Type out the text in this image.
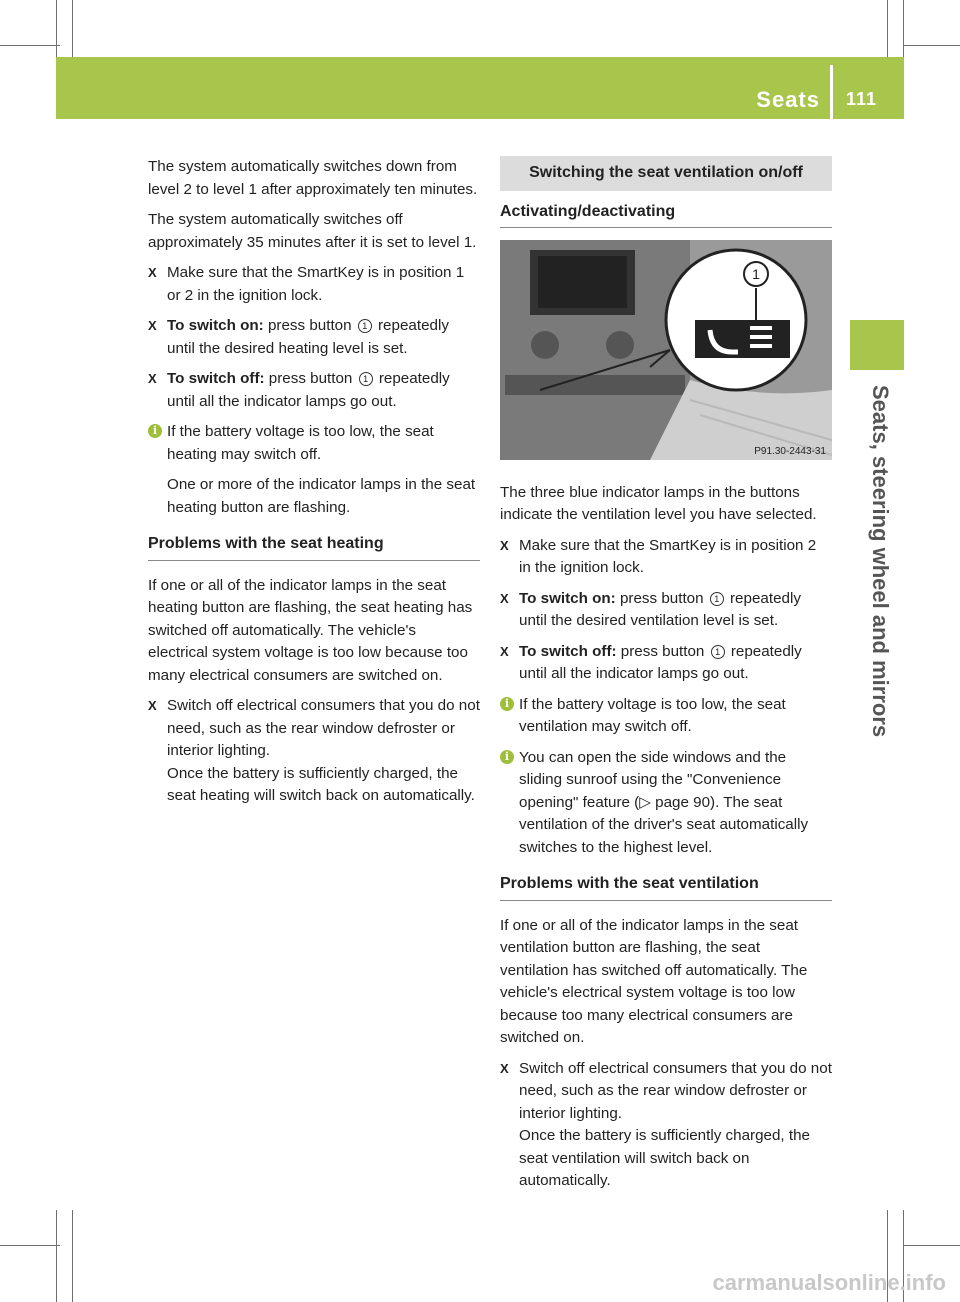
Seats 111
Seats, steering wheel and mirrors

The system automatically switches down from level 2 to level 1 after approximately ten minutes.

The system automatically switches off approximately 35 minutes after it is set to level 1.

X Make sure that the SmartKey is in position 1 or 2 in the ignition lock.
X To switch on: press button 1 repeatedly until the desired heating level is set.
X To switch off: press button 1 repeatedly until all the indicator lamps go out.
i If the battery voltage is too low, the seat heating may switch off.
One or more of the indicator lamps in the seat heating button are flashing.
Problems with the seat heating

If one or all of the indicator lamps in the seat heating button are flashing, the seat heating has switched off automatically. The vehicle's electrical system voltage is too low because too many electrical consumers are switched on.

X Switch off electrical consumers that you do not need, such as the rear window defroster or interior lighting.
Once the battery is sufficiently charged, the seat heating will switch back on automatically.
Switching the seat ventilation on/off
Activating/deactivating
1
P91.30-2443-31

The three blue indicator lamps in the buttons indicate the ventilation level you have selected.

X Make sure that the SmartKey is in position 2 in the ignition lock.
X To switch on: press button 1 repeatedly until the desired ventilation level is set.
X To switch off: press button 1 repeatedly until all the indicator lamps go out.
i If the battery voltage is too low, the seat ventilation may switch off.
i You can open the side windows and the sliding sunroof using the "Convenience opening" feature (▷ page 90). The seat ventilation of the driver's seat automatically switches to the highest level.
Problems with the seat ventilation

If one or all of the indicator lamps in the seat ventilation button are flashing, the seat ventilation has switched off automatically. The vehicle's electrical system voltage is too low because too many electrical consumers are switched on.

X Switch off electrical consumers that you do not need, such as the rear window defroster or interior lighting.
Once the battery is sufficiently charged, the seat ventilation will switch back on automatically.
carmanualsonline.info
